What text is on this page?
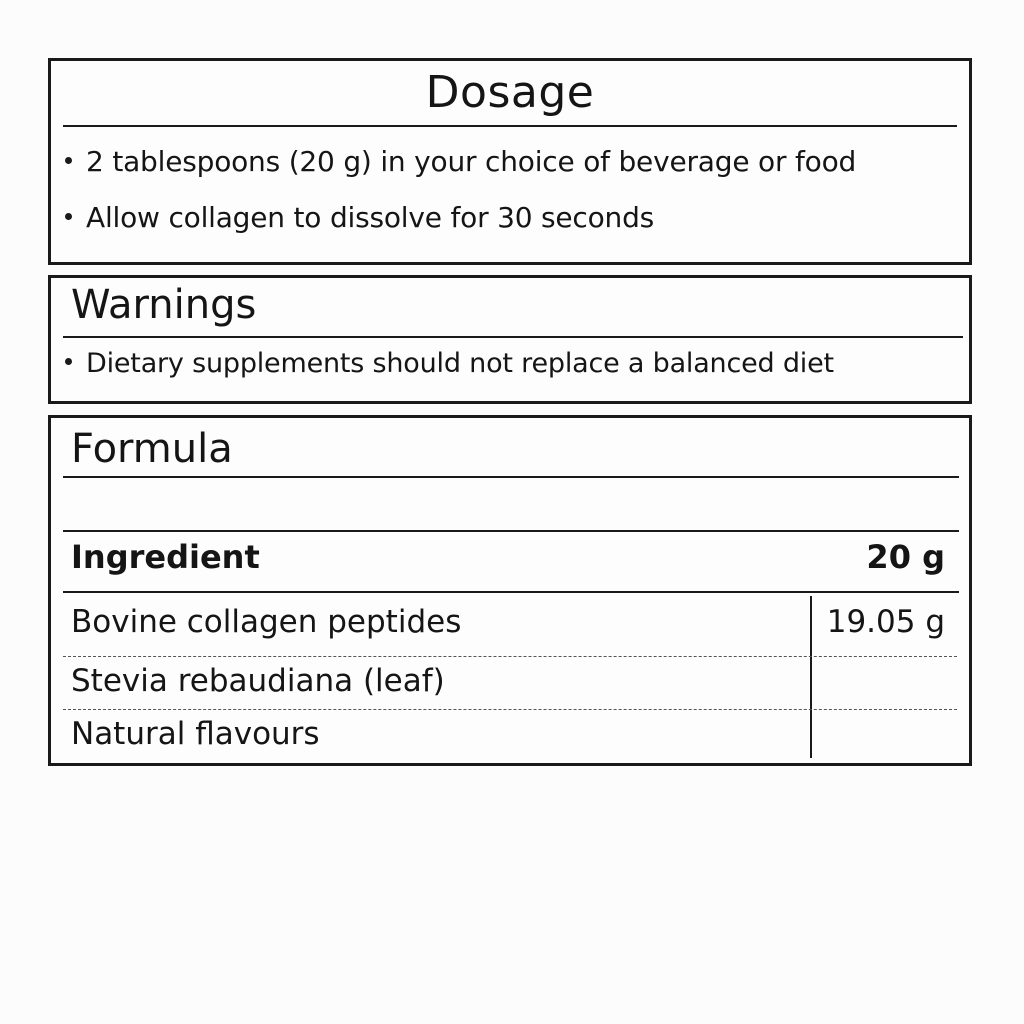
Dosage
2 tablespoons (20 g) in your choice of beverage or food
Allow collagen to dissolve for 30 seconds
Warnings
Dietary supplements should not replace a balanced diet
Formula
Ingredient	20 g
Bovine collagen peptides	19.05 g
Stevia rebaudiana (leaf)
Natural flavours
